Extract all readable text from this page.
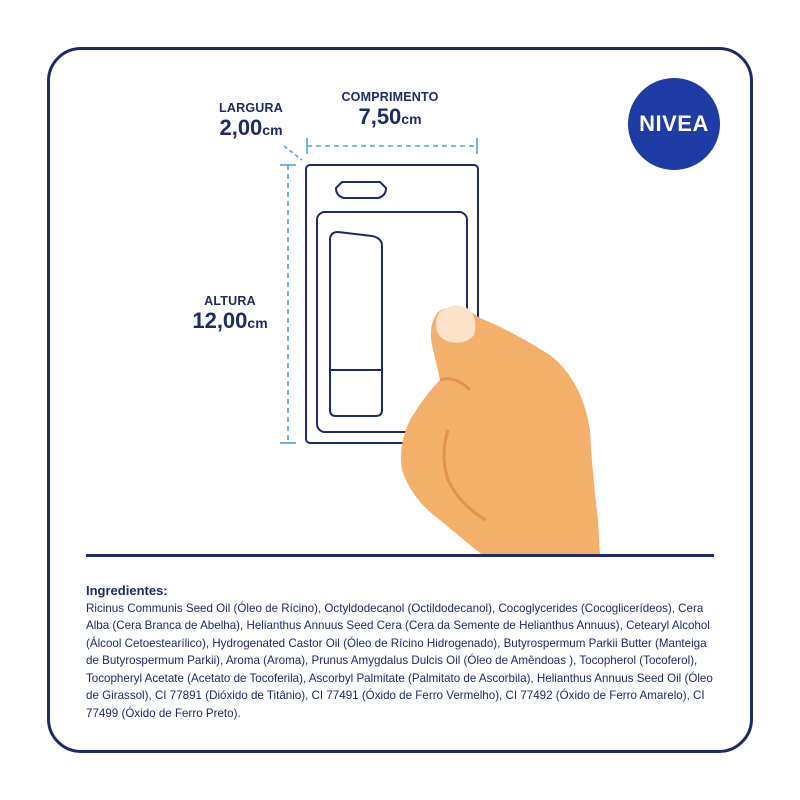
NIVEA
LARGURA
2,00cm
COMPRIMENTO
7,50cm
ALTURA
12,00cm
Ingredientes:
Ricinus Communis Seed Oil (Óleo de Rícino), Octyldodecanol (Octildodecanol), Cocoglycerides (Cocoglicerídeos), Cera Alba (Cera Branca de Abelha), Helianthus Annuus Seed Cera (Cera da Semente de Helianthus Annuus), Cetearyl Alcohol (Álcool Cetoestearílico), Hydrogenated Castor Oil (Óleo de Rícino Hidrogenado), Butyrospermum Parkii Butter (Manteiga de Butyrospermum Parkii), Aroma (Aroma), Prunus Amygdalus Dulcis Oil (Óleo de Amêndoas ), Tocopherol (Tocoferol), Tocopheryl Acetate (Acetato de Tocoferila), Ascorbyl Palmitate (Palmitato de Ascorbila), Helianthus Annuus Seed Oil (Óleo de Girassol), CI 77891 (Dióxido de Titânio), CI 77491 (Óxido de Ferro Vermelho), CI 77492 (Óxido de Ferro Amarelo), CI 77499 (Óxido de Ferro Preto).
